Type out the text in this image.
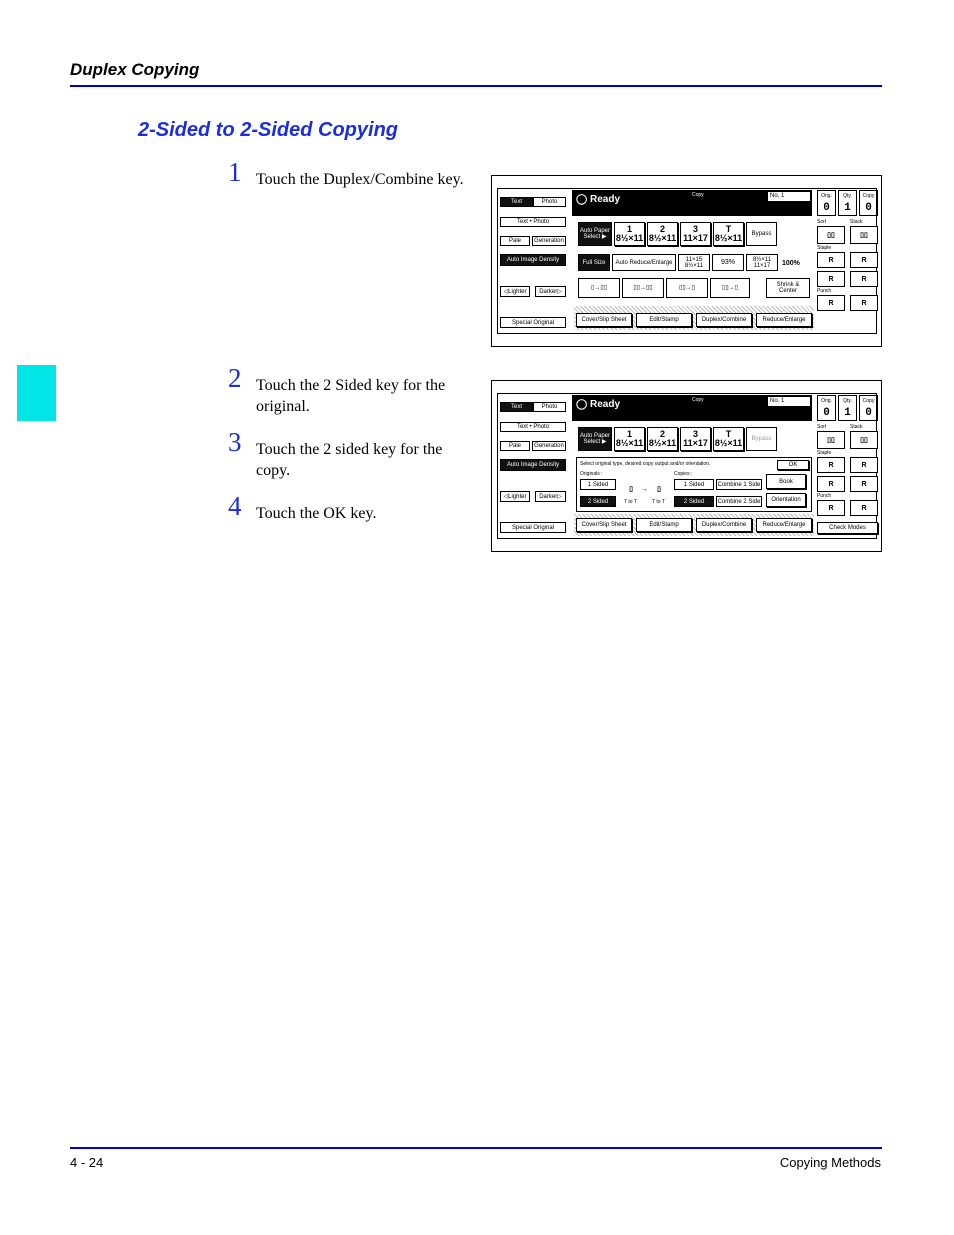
Duplex Copying
2-Sided to 2-Sided Copying
1 Touch the Duplex/Combine key.
2 Touch the 2 Sided key for the original.
3 Touch the 2 sided key for the copy.
4 Touch the OK key.
Text	Photo
Text • Photo
Pale	Generation
Auto Image Density
◁Lighter	Darker▷
Special Original
◯ Ready	Copy	No. 1	Orig.
0
Qty.
1
Copy
0
Auto Paper Select ▶
1
8½×11
2
8½×11
3
11×17
T
8½×11	Bypass
Full Size	Auto Reduce/Enlarge	11×15 8½×11	93%	8½×11 11×17	100%
▯→▯▯	▯▯→▯▯	▯▯→▯	▯▯→▯	Shrink & Center
Cover/Slip Sheet	Edit/Stamp	Duplex/Combine	Reduce/Enlarge
Sort	Stack
▯▯	▯▯
Staple
R	R
R	R
Punch
R	R
Text	Photo
Text • Photo
Pale	Generation
Auto Image Density
◁Lighter	Darker▷
Special Original
◯ Ready	Copy	No. 1	Orig.
0
Qty.
1
Copy
0
Auto Paper Select ▶
1
8½×11
2
8½×11
3
11×17
T
8½×11	Bypass
Select original type, desired copy output and/or orientation.	OK
Originals :	Copies :
1 Sided
2 Sided
▯	→	▯
T to T	T to T
1 Sided
2 Sided
Combine 1 Side
Combine 2 Side
Book
Orientation
Cover/Slip Sheet	Edit/Stamp	Duplex/Combine	Reduce/Enlarge
Sort	Stack
▯▯	▯▯
Staple
R	R
R	R
Punch
R	R
Check Modes
4 - 24	Copying Methods
